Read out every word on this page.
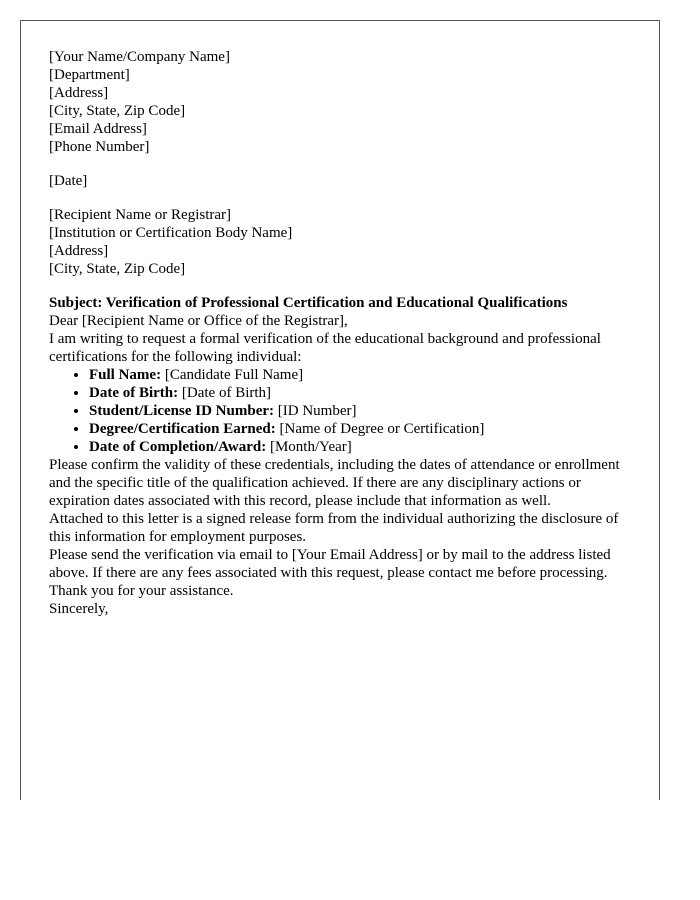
[Your Name/Company Name]
[Department]
[Address]
[City, State, Zip Code]
[Email Address]
[Phone Number]
[Date]
[Recipient Name or Registrar]
[Institution or Certification Body Name]
[Address]
[City, State, Zip Code]
Subject: Verification of Professional Certification and Educational Qualifications

Dear [Recipient Name or Office of the Registrar],

I am writing to request a formal verification of the educational background and professional certifications for the following individual:

• Full Name: [Candidate Full Name]
• Date of Birth: [Date of Birth]
• Student/License ID Number: [ID Number]
• Degree/Certification Earned: [Name of Degree or Certification]
• Date of Completion/Award: [Month/Year]

Please confirm the validity of these credentials, including the dates of attendance or enrollment and the specific title of the qualification achieved. If there are any disciplinary actions or expiration dates associated with this record, please include that information as well.

Attached to this letter is a signed release form from the individual authorizing the disclosure of this information for employment purposes.

Please send the verification via email to [Your Email Address] or by mail to the address listed above. If there are any fees associated with this request, please contact me before processing.

Thank you for your assistance.

Sincerely,
